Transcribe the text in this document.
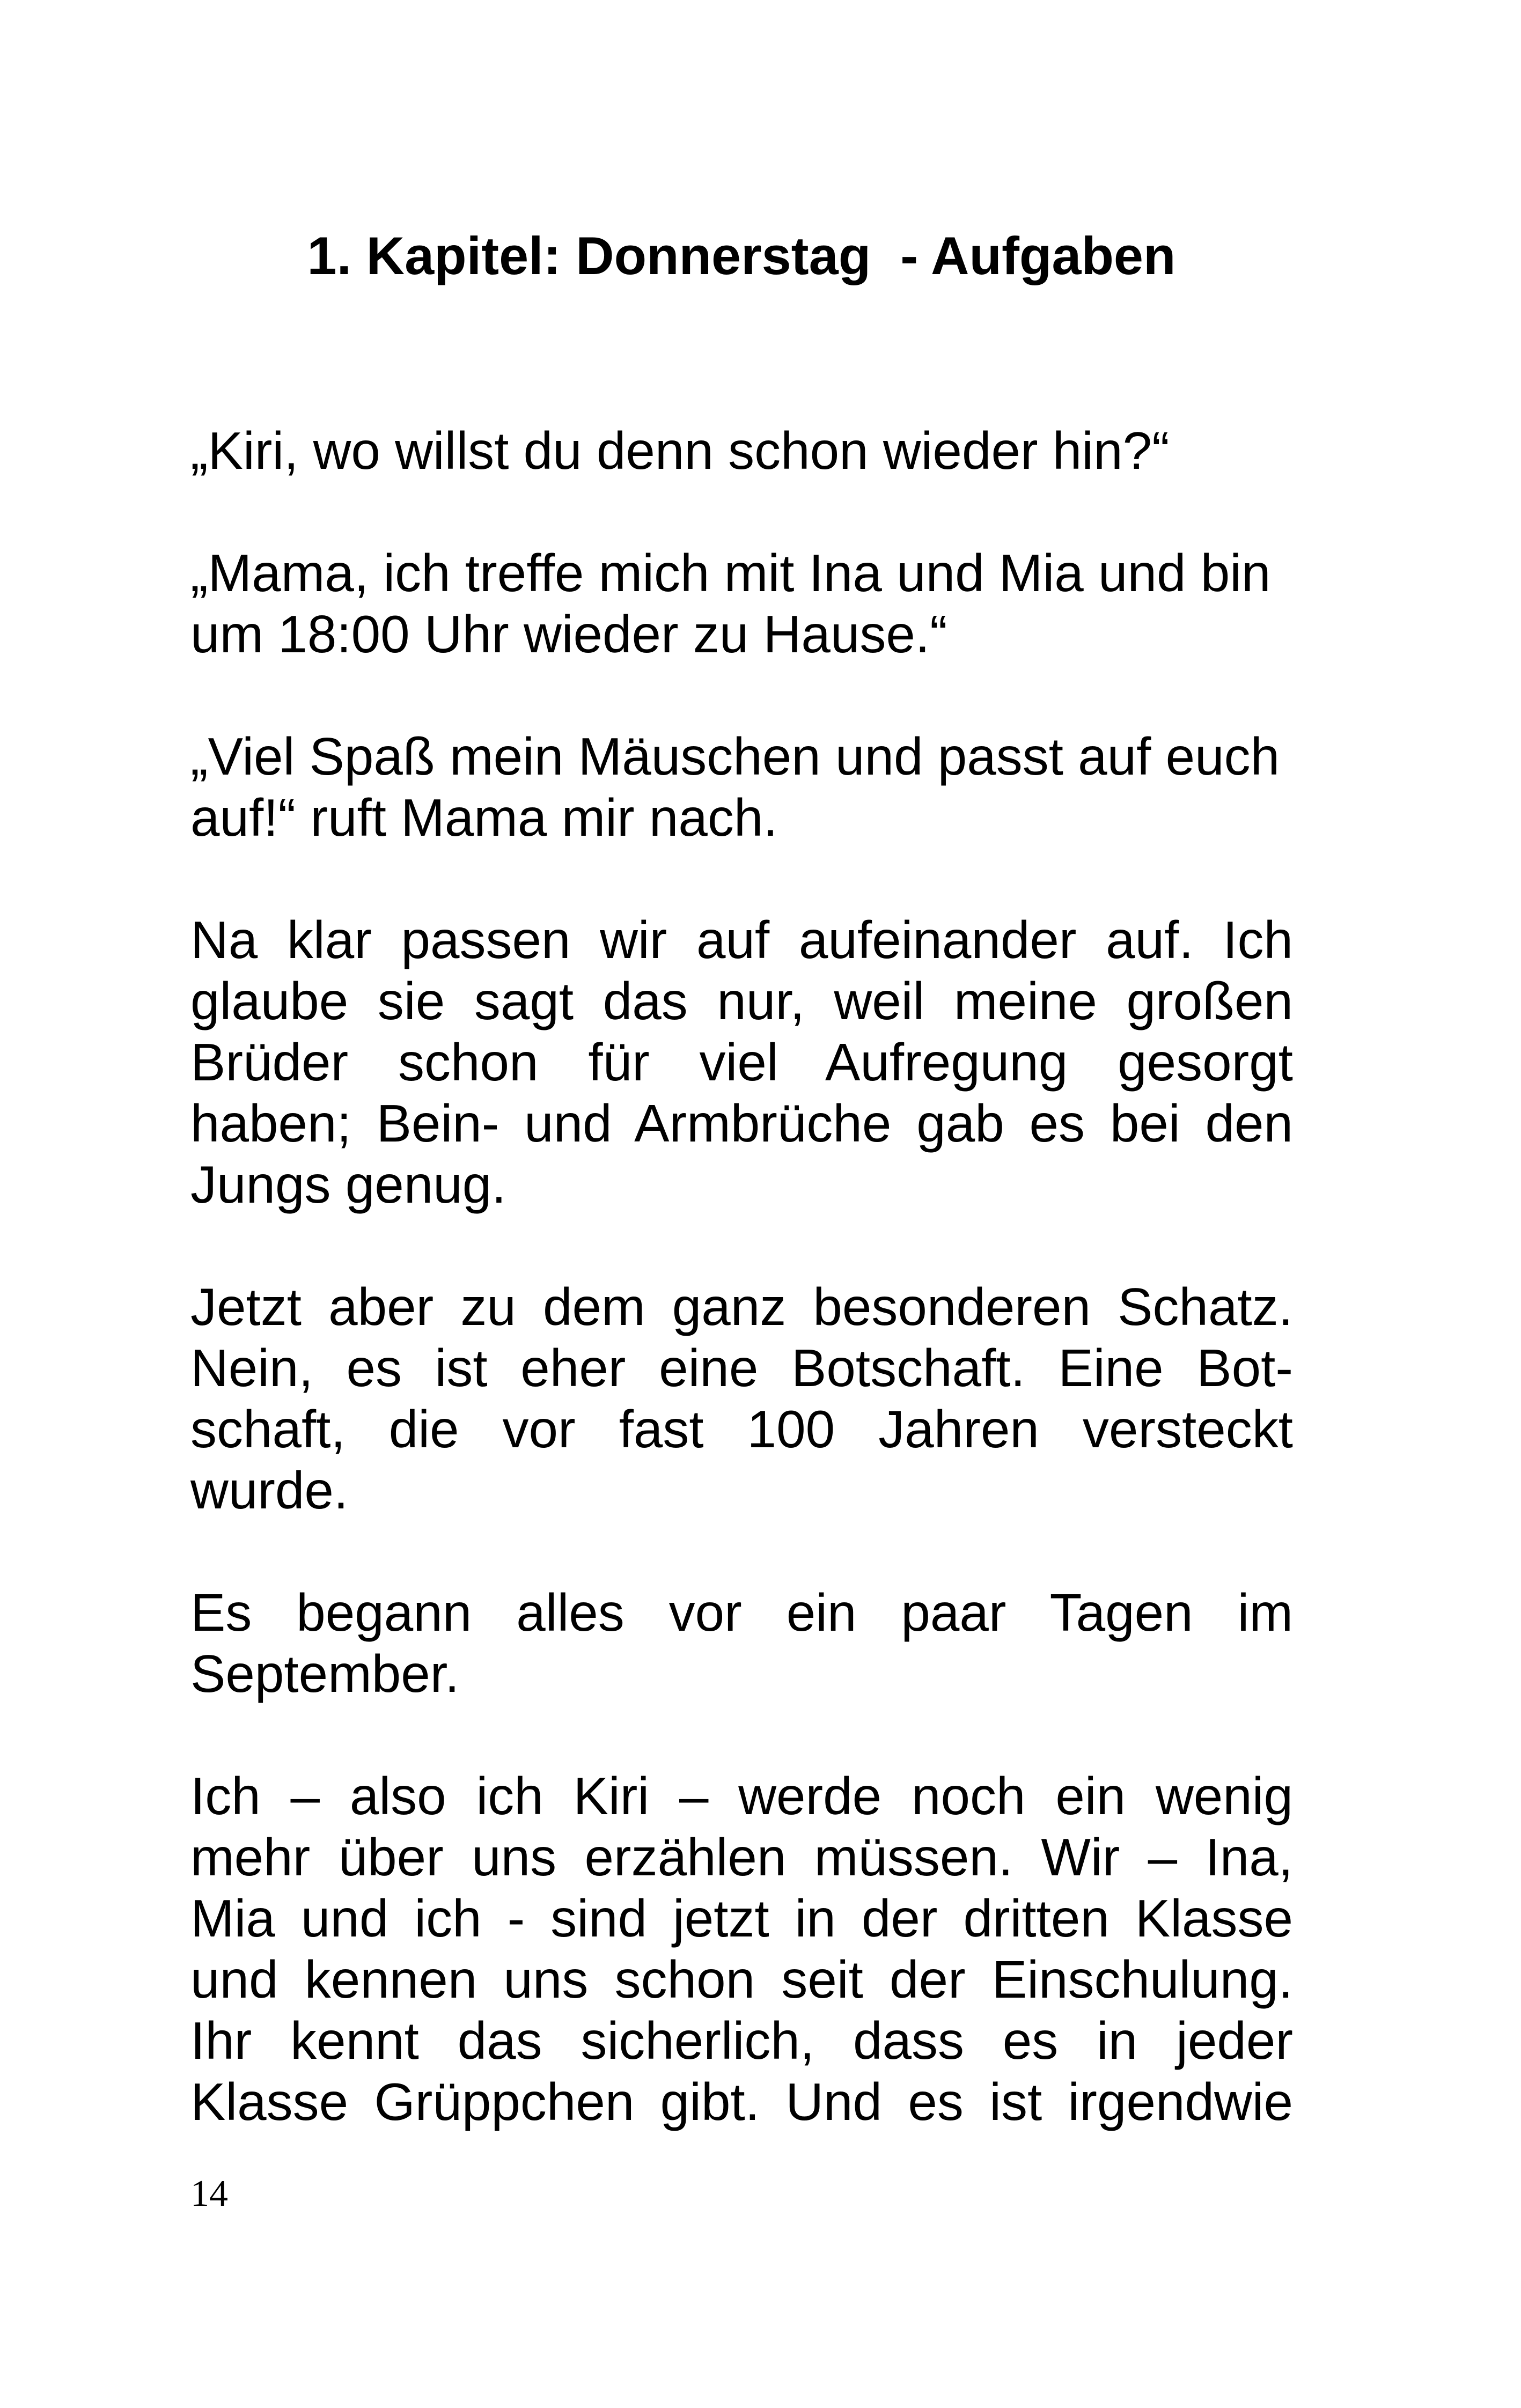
1. Kapitel: Donnerstag  - Aufgaben

„Kiri, wo willst du denn schon wieder hin?“

„Mama, ich treffe mich mit Ina und Mia und bin
um 18:00 Uhr wieder zu Hause.“

„Viel Spaß mein Mäuschen und passt auf euch
auf!“ ruft Mama mir nach.

Na klar passen wir auf aufeinander auf. Ich
glaube sie sagt das nur, weil meine großen
Brüder schon für viel Aufregung gesorgt
haben; Bein- und Armbrüche gab es bei den
Jungs genug.

Jetzt aber zu dem ganz besonderen Schatz.
Nein, es ist eher eine Botschaft. Eine Bot-
schaft, die vor fast 100 Jahren versteckt
wurde.

Es begann alles vor ein paar Tagen im
September.

Ich – also ich Kiri – werde noch ein wenig
mehr über uns erzählen müssen. Wir – Ina,
Mia und ich - sind jetzt in der dritten Klasse
und kennen uns schon seit der Einschulung.
Ihr kennt das sicherlich, dass es in jeder
Klasse Grüppchen gibt. Und es ist irgendwie

14
